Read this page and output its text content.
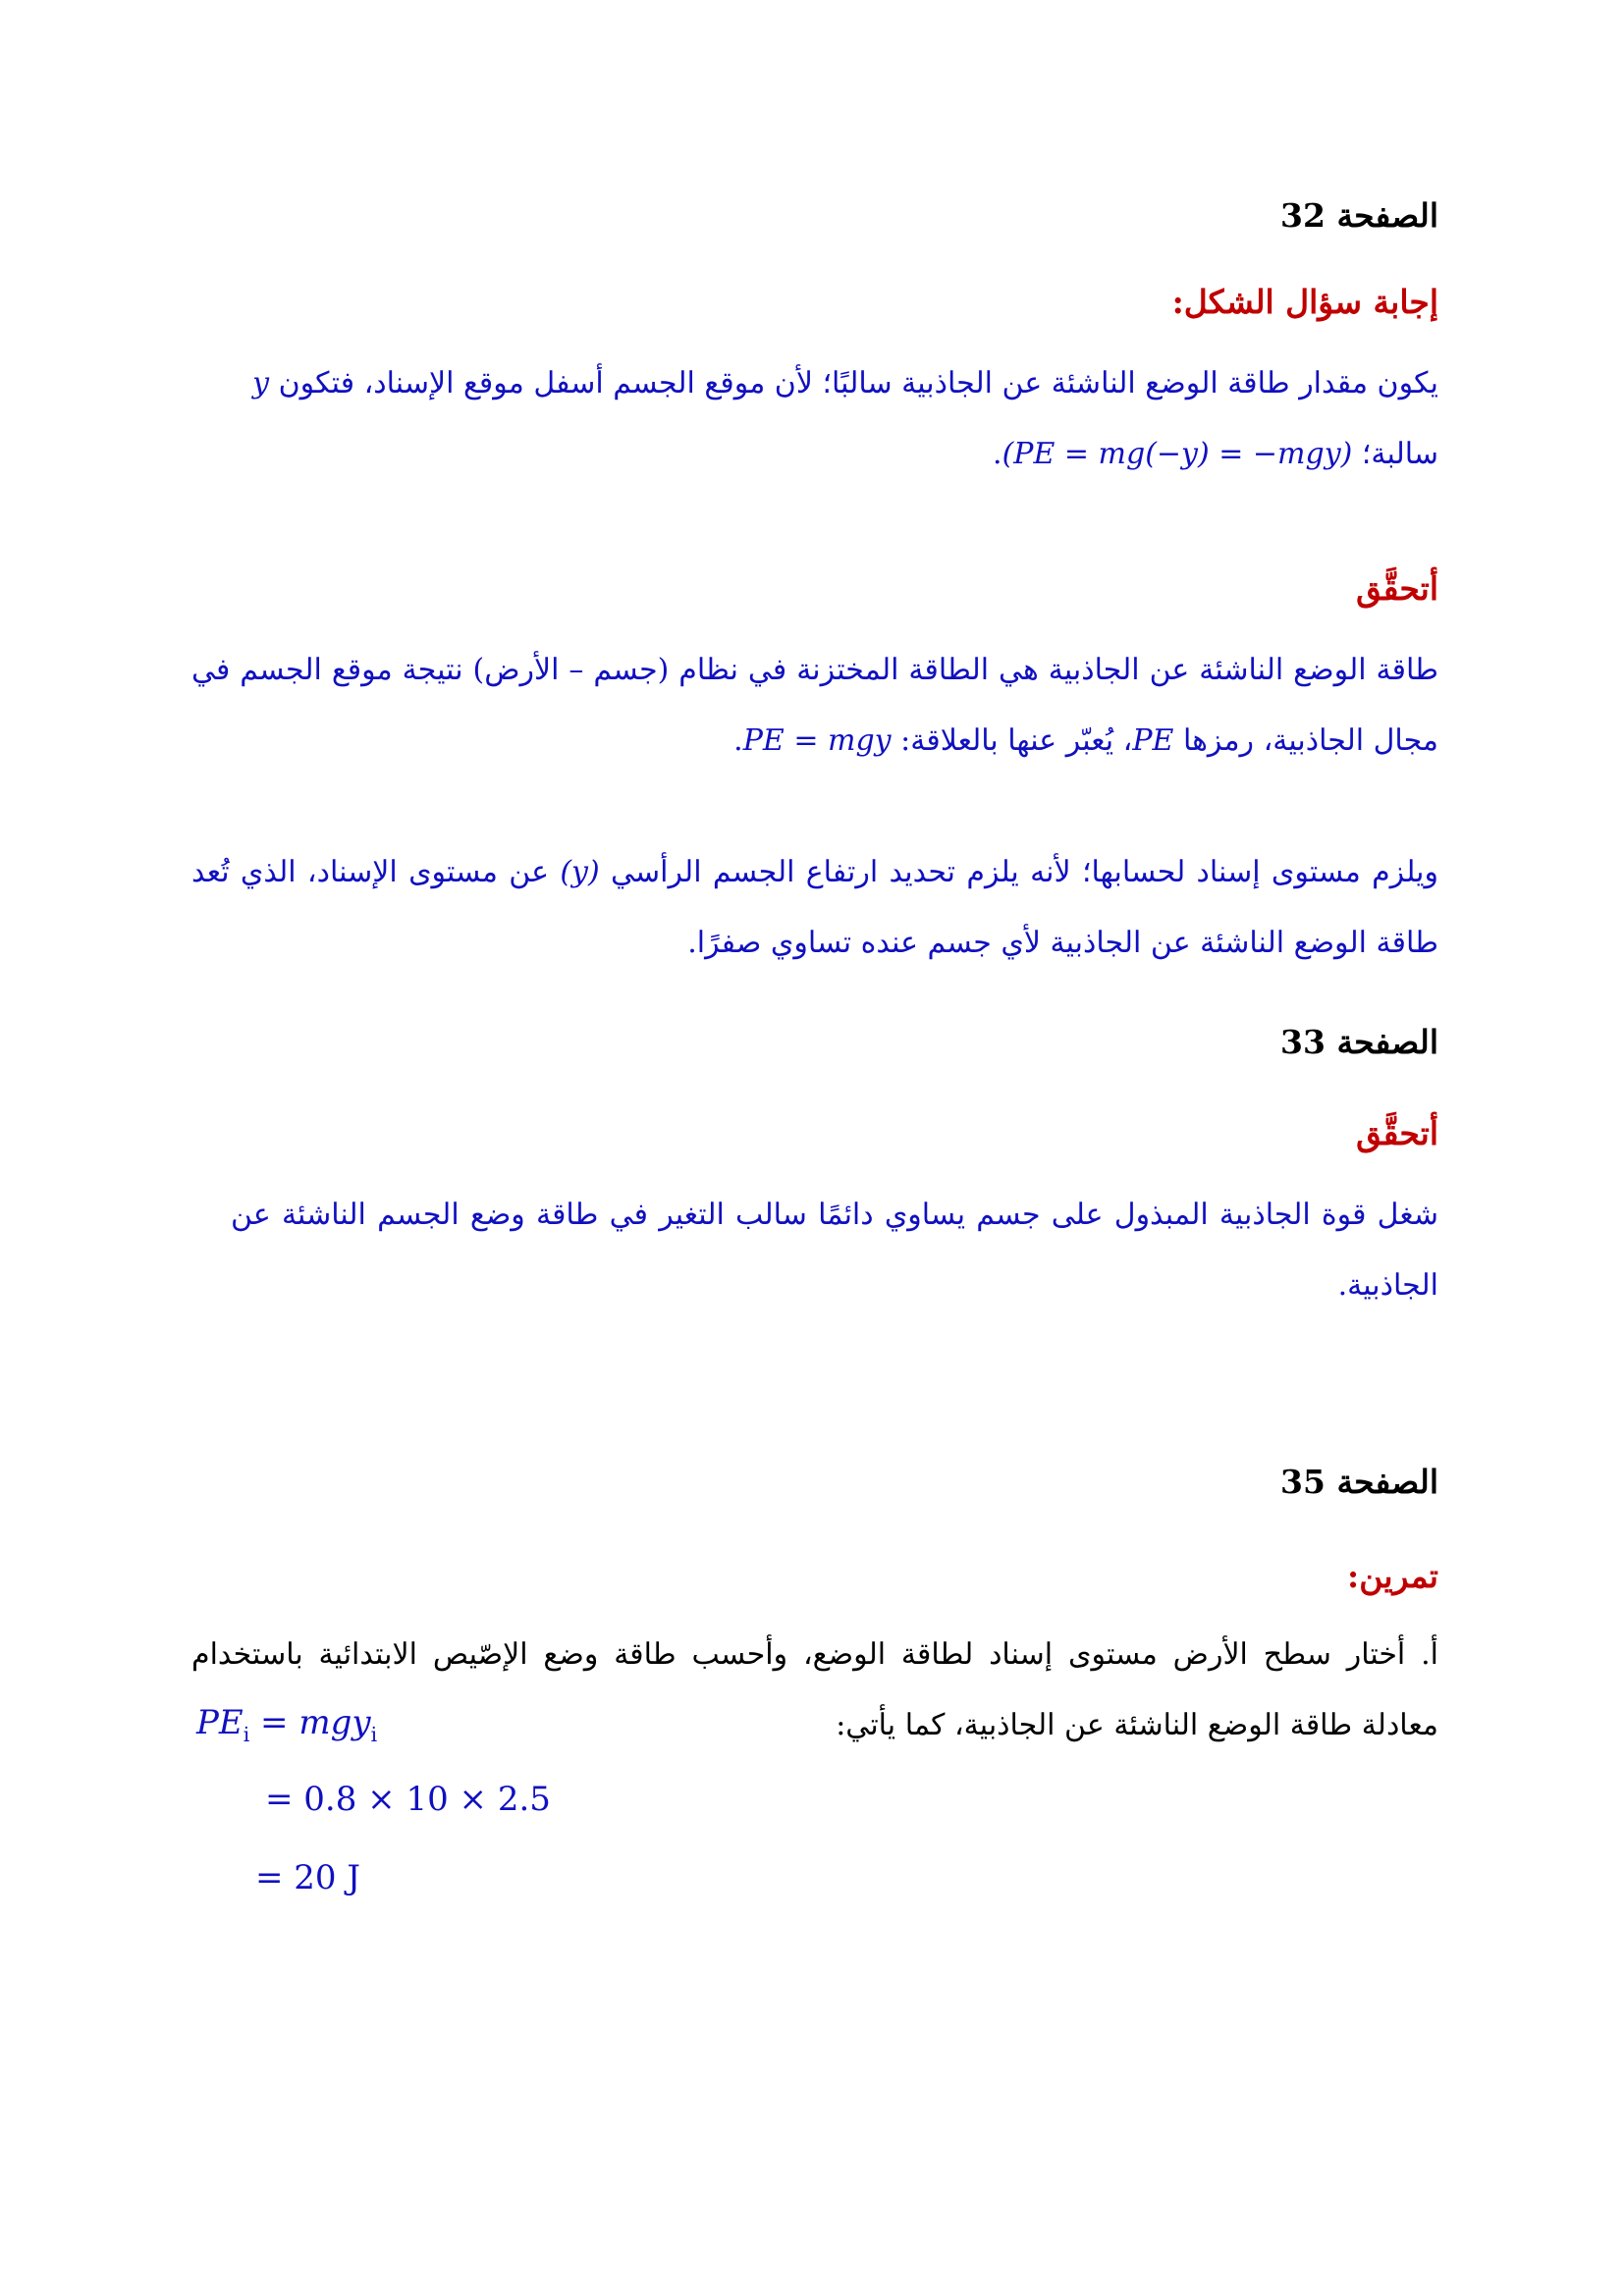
الصفحة 32

إجابة سؤال الشكل:

يكون مقدار طاقة الوضع الناشئة عن الجاذبية سالبًا؛ لأن موقع الجسم أسفل موقع الإسناد، فتكون y
سالبة؛ (PE = mg(−y) = −mgy).

أتحقَّق

طاقة الوضع الناشئة عن الجاذبية هي الطاقة المختزنة في نظام (جسم – الأرض) نتيجة موقع الجسم في مجال الجاذبية، رمزها PE، يُعبّر عنها بالعلاقة: PE = mgy.

ويلزم مستوى إسناد لحسابها؛ لأنه يلزم تحديد ارتفاع الجسم الرأسي (y) عن مستوى الإسناد، الذي تُعد طاقة الوضع الناشئة عن الجاذبية لأي جسم عنده تساوي صفرًا.

الصفحة 33

أتحقَّق

شغل قوة الجاذبية المبذول على جسم يساوي دائمًا سالب التغير في طاقة وضع الجسم الناشئة عن الجاذبية.

الصفحة 35

تمرين:

أ. أختار سطح الأرض مستوى إسناد لطاقة الوضع، وأحسب طاقة وضع الإصّيص الابتدائية باستخدام معادلة طاقة الوضع الناشئة عن الجاذبية، كما يأتي:

$PE_i = mgy_i$
= 0.8 × 10 × 2.5
= 20 J
